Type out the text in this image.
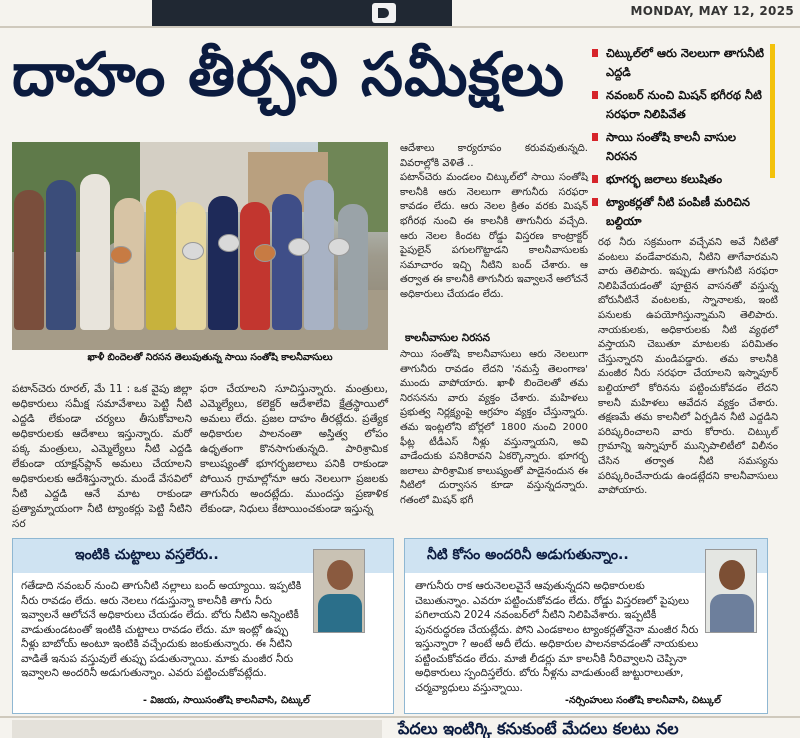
MONDAY, MAY 12, 2025
దాహం తీర్చని సమీక్షలు	చిట్కుల్‌లో ఆరు నెలలుగా తాగునీటి ఎద్దడి
నవంబర్ నుంచి మిషన్ భగీరథ నీటి సరఫరా నిలిపివేత
సాయి సంతోషి కాలనీ వాసుల నిరసన
భూగర్భ జలాలు కలుషితం
ట్యాంకర్లతో నీటి పంపిణీ మరిచిన బల్దియా
ఖాళీ బిందెలతో నిరసన తెలుపుతున్న సాయి సంతోషి కాలనీవాసులు
పటాన్‌చెరు రూరల్, మే 11 : ఒక వైపు జిల్లా అధికారులు సమీక్ష సమావేశాలు పెట్టి నీటి ఎద్దడి లేకుండా చర్యలు తీసుకోవాలని అధికారులకు ఆదేశాలు ఇస్తున్నారు. మరో పక్క మంత్రులు, ఎమ్మెల్యేలు నీటి ఎద్దడి లేకుండా యాక్షన్‌ప్లాన్ అమలు చేయాలని అధికారులకు ఆదేశిస్తున్నారు. మండే వేసవిలో నీటి ఎద్దడి ఆనే మాట రాకుండా ప్రత్యామ్నాయంగా నీటి ట్యాంకర్లు పెట్టి నీటిని సర
ఫరా చేయాలని సూచిస్తున్నారు. మంత్రులు, ఎమ్మెల్యేలు, కలెక్టర్ ఆదేశాలేవి క్షేత్రస్థాయిలో అమలు లేదు. ప్రజల దాహం తీరట్లేదు. ప్రత్యేక అధికారుల పాలనంతా అస్తిత్వ లోపం ఉధృతంగా కొనసాగుతున్నది. పారిశ్రామిక కాలుష్యంతో భూగర్భజలాలు పనికి రాకుండా పోయిన గ్రామాల్లోనూ ఆరు నెలలుగా ప్రజలకు తాగునీరు అందట్లేదు. ముందస్తు ప్రణాళిక లేకుండా, నిధులు కేటాయించకుండా ఇస్తున్న
ఆదేశాలు కార్యరూపం కరువవుతున్నది. వివరాల్లోకి వెళితే ..
పటాన్‌చెరు మండలం చిట్కుల్‌లో సాయి సంతోషి కాలనీకి ఆరు నెలలుగా తాగునీరు సరఫరా కావడం లేదు. ఆరు నెలల క్రితం వరకు మిషన్ భగీరథ నుంచి ఈ కాలనీకి తాగునీరు వచ్చేది. ఆరు నెలల కిందట రోడ్డు విస్తరణ కాంట్రాక్టర్ పైపులైన్ పగులగొట్టాడని కాలనీవాసులకు సమాచారం ఇచ్చి నీటిని బంద్ చేశారు. ఆ తర్వాత ఈ కాలనీకి తాగునీరు ఇవ్వాలనే ఆలోచనే అధికారులు చేయడం లేదు.
కాలనీవాసుల నిరసన
సాయి సంతోషి కాలనీవాసులు ఆరు నెలలుగా తాగునీరు రావడం లేదని 'నమస్తే తెలంగాణ' ముందు వాపోయారు. ఖాళీ బిందెలతో తమ నిరసనను వారు వ్యక్తం చేశారు. మహిళలు ప్రభుత్వ నిర్లక్ష్యంపై ఆగ్రహం వ్యక్తం చేస్తున్నారు. తమ ఇంట్లలోని బోర్లలో 1800 నుంచి 2000 ఫీట్ల టీడీఎస్ నీళ్లు వస్తున్నాయని, అవి వాడేందుకు పనికిరావని ఏకర్కొన్నారు. భూగర్భ జలాలు పారిశ్రామిక కాలుష్యంతో పాడైనందున ఈ నీటిలో దుర్వాసన కూడా వస్తున్నదన్నారు. గతంలో మిషన్ భగీ
రథ నీరు సక్రమంగా వచ్చేవని అవే నీటితో వంటలు వండేవారమని, నీటిని తాగేవారమని వారు తెలిపారు. ఇప్పుడు తాగునీటి సరఫరా నిలిపివేయడంతో పూటైన వాసనతో వస్తున్న బోరునీటినే వంటలకు, స్నానాలకు, ఇంటి పనులకు ఉపయోగిస్తున్నామని తెలిపారు. నాయకులకు, అధికారులకు నీటి వ్యథలో వస్తాయని చెబుతూ మాటలకు పరిమితం చేస్తున్నారని మండిపడ్డారు. తమ కాలనీకి మంజీర నీరు సరఫరా చేయాలని ఇస్నాపూర్ బల్దియాలో కోరినను పట్టించుకోవడం లేదని కాలనీ మహిళలు ఆవేదన వ్యక్తం చేశారు. తక్షణమే తమ కాలనీలో ఏర్పడిన నీటి ఎద్దడిని పరిష్కరించాలని వారు కోరారు. చిట్కుల్ గ్రామాన్ని ఇస్నాపూర్ మున్సిపాలిటీలో విలీనం చేసిన తర్వాత నీటి సమస్యను పరిష్కరించేనారుడు ఉండట్లేదని కాలనీవాసులు వాపోయారు.
ఇంటికి చుట్టాలు వస్తలేరు..
గతేడాది నవంబర్ నుంచి తాగునీటి నల్లాలు బంద్ అయ్యాయి. ఇప్పటికి నీరు రావడం లేదు. ఆరు నెలలు గడుస్తున్నా కాలనీకి తాగు నీరు ఇవ్వాలనే ఆలోచనే అధికారులు చేయడం లేదు. బోరు నీటిని అన్నింటికీ వాడుతుండటంతో ఇంటికి చుట్టాలు రావడం లేదు. మా ఇంట్లో ఉప్పు నీళ్లు బాబోయ్ అంటూ ఇంటికి వచ్చేందుకు జంకుతున్నారు. ఈ నీటిని వాడితే ఇనుప వస్తువులే తుప్పు పడుతున్నాయి. మాకు మంజీర నీరు ఇవ్వాలని అందరినీ అడుగుతున్నాం. ఎవరు పట్టించుకోవట్లేదు.
- విజయ, సాయిసంతోషి కాలనీవాసి, చిట్కుల్
నీటి కోసం అందరినీ అడుగుతున్నాం..
తాగునీరు రాక ఆరునెలలవైనే ఆవుతున్నదని అధికారులకు చెబుతున్నాం. ఎవరూ పట్టించుకోవడం లేదు. రోడ్డు విస్తరణలో పైపులు పగిలాయని 2024 నవంబర్‌లో నీటిని నిలిపివేశారు. ఇప్పటికీ పునరుద్ధరణ చేయట్లేదు. పోని ఎండకాలం ట్యాంకర్లతోనైనా మంజీర నీరు ఇస్తున్నారా ? అంటే అదీ లేదు. అధికారుల పాలనకావడంతో నాయకులు పట్టించుకోవడం లేదు. మాజీ లీడర్లు మా కాలనీకి నీరివ్వాలని చెప్పినా అధికారులు స్పందిస్తలేరు. బోరు నీళ్లను వాడుతుంటే జుట్టురాలుతూ, చర్మవ్యాధులు వస్తున్నాయి.
-నర్సింహులు సంతోషి కాలనీవాసి, చిట్కుల్
పేదలు ఇంటిగ్కి కనుకుంటే మేదలు కలటు నల
